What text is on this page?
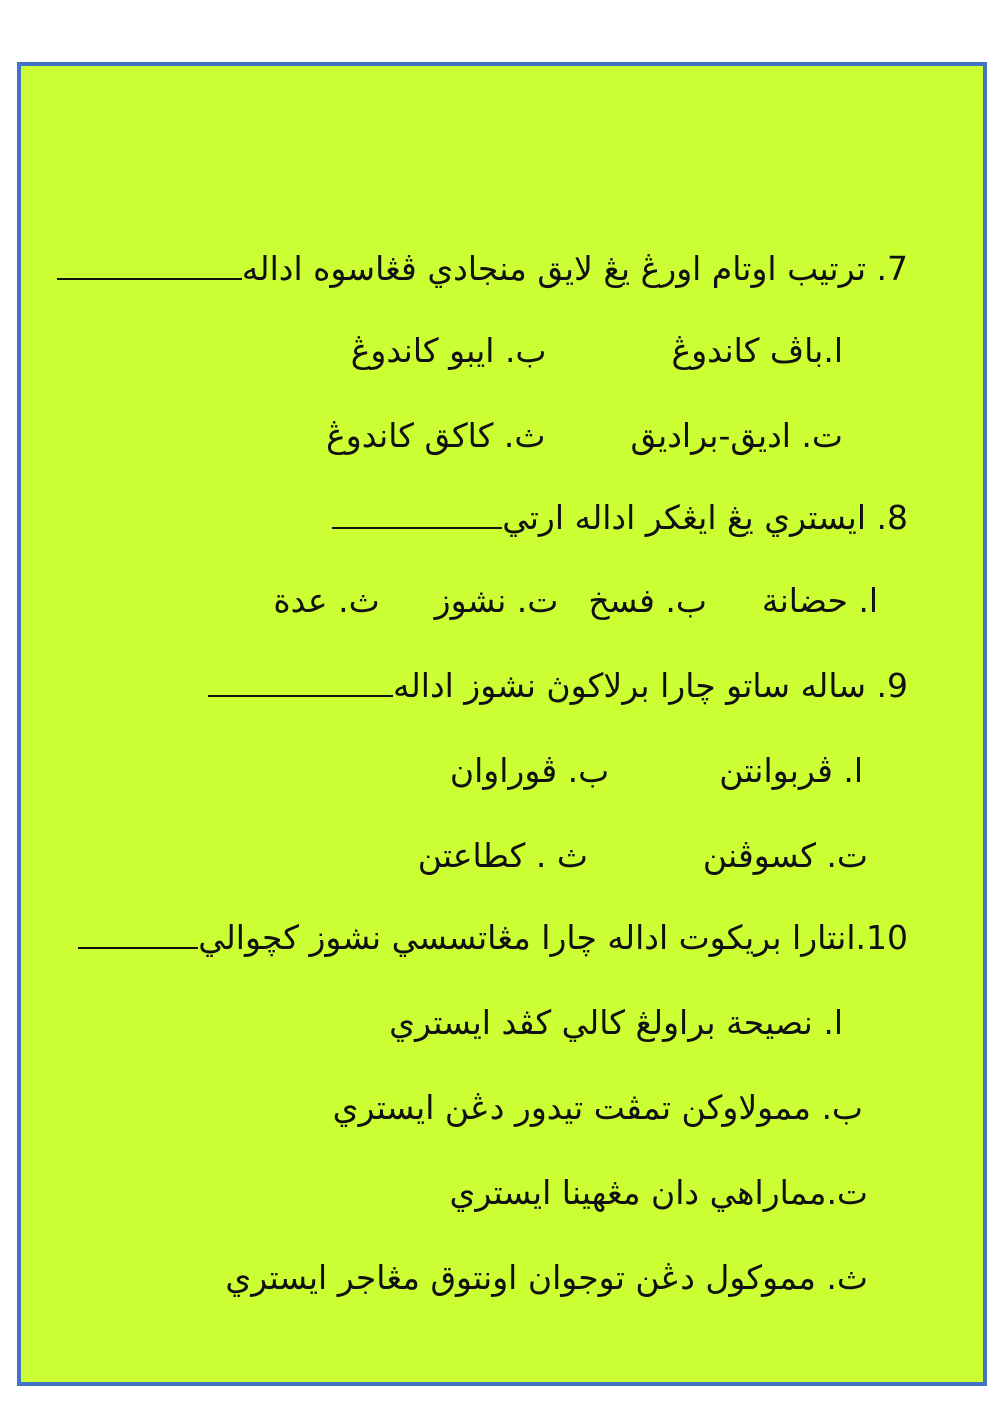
7. ترتيب اوتام اورڠ يڠ لايق منجادي ڤڠاسوه اداله
ا.باڤ كاندوڠب. ايبو كاندوڠ
ت. اديق-براديقث. كاكق كاندوڠ
8. ايستري يڠ ايڠكر اداله ارتي
ا. حضانةب. فسخت. نشوزث. عدة
9. ساله ساتو چارا برلاكوڽ نشوز اداله
ا. ڤربوانتنب. ڤوراوان
ت. كسوڤننث . كطاعتن
10.انتارا بريكوت اداله چارا مڠاتسسي نشوز كچوالي
ا. نصيحة براولڠ كالي كڤد ايستري
ب. ممولاوكن تمڤت تيدور دڠن ايستري
ت.مماراهي دان مڠهينا ايستري
ث. مموكول دڠن توجوان اونتوق مڠاجر ايستري
